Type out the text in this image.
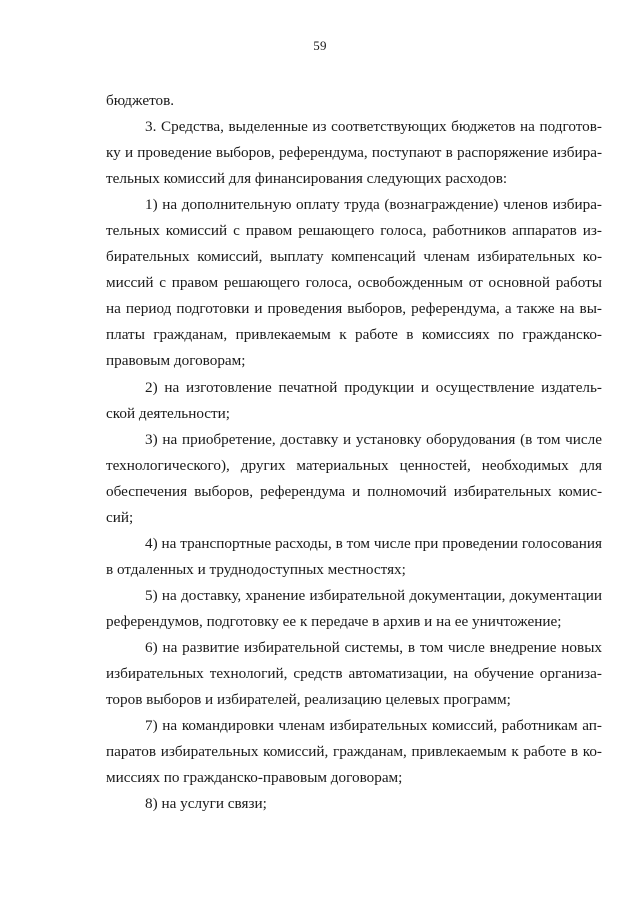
59
бюджетов.
3. Средства, выделенные из соответствующих бюджетов на подготов-
ку и проведение выборов, референдума, поступают в распоряжение избира-
тельных комиссий для финансирования следующих расходов:
1) на дополнительную оплату труда (вознаграждение) членов избира-
тельных комиссий с правом решающего голоса, работников аппаратов из-
бирательных комиссий, выплату компенсаций членам избирательных ко-
миссий с правом решающего голоса, освобожденным от основной работы
на период подготовки и проведения выборов, референдума, а также на вы-
платы гражданам, привлекаемым к работе в комиссиях по гражданско-
правовым договорам;
2) на изготовление печатной продукции и осуществление издатель-
ской деятельности;
3) на приобретение, доставку и установку оборудования (в том числе
технологического), других материальных ценностей, необходимых для
обеспечения выборов, референдума и полномочий избирательных комис-
сий;
4) на транспортные расходы, в том числе при проведении голосования
в отдаленных и труднодоступных местностях;
5) на доставку, хранение избирательной документации, документации
референдумов, подготовку ее к передаче в архив и на ее уничтожение;
6) на развитие избирательной системы, в том числе внедрение новых
избирательных технологий, средств автоматизации, на обучение организа-
торов выборов и избирателей, реализацию целевых программ;
7) на командировки членам избирательных комиссий, работникам ап-
паратов избирательных комиссий, гражданам, привлекаемым к работе в ко-
миссиях по гражданско-правовым договорам;
8) на услуги связи;
